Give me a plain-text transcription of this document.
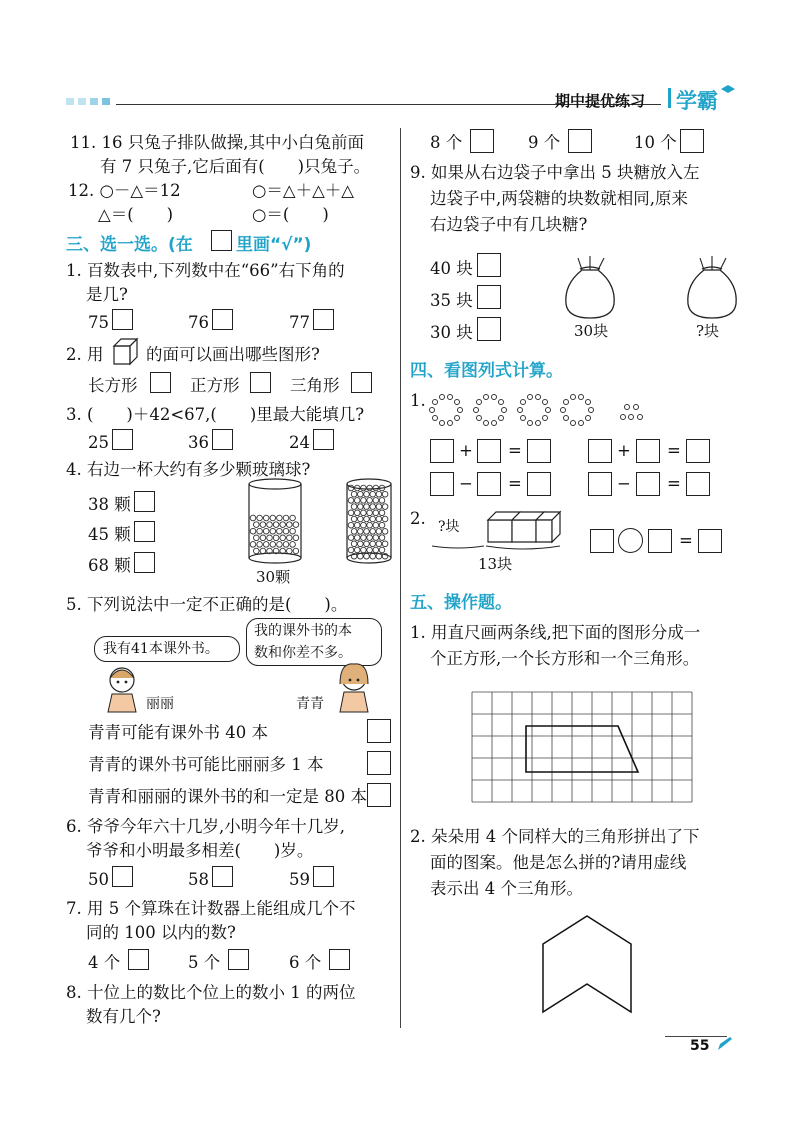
期中提优练习 学霸
11. 16 只兔子排队做操,其中小白兔前面
有 7 只兔子,它后面有(　　)只兔子。
12. ○－△＝12	○＝△＋△＋△
△＝(　　)	○＝(　　)
三、选一选。(在	里画“√”)
1. 百数表中,下列数中在“66”右下角的
是几?
75	76	77
2. 用	的面可以画出哪些图形?
长方形	正方形	三角形
3. (　　)＋42<67,(　　)里最大能填几?
25	36	24
4. 右边一杯大约有多少颗玻璃球?
38 颗
45 颗
68 颗
30颗
5. 下列说法中一定不正确的是(　　)。
我有41本课外书。
我的课外书的本
数和你差不多。
丽丽	青青
青青可能有课外书 40 本
青青的课外书可能比丽丽多 1 本
青青和丽丽的课外书的和一定是 80 本
6. 爷爷今年六十几岁,小明今年十几岁,
爷爷和小明最多相差(　　)岁。
50	58	59
7. 用 5 个算珠在计数器上能组成几个不
同的 100 以内的数?
4 个	5 个	6 个
8. 十位上的数比个位上的数小 1 的两位
数有几个?
8 个	9 个	10 个
9. 如果从右边袋子中拿出 5 块糖放入左
边袋子中,两袋糖的块数就相同,原来
右边袋子中有几块糖?
40 块
35 块
30 块	30块	?块
四、看图列式计算。
1.
+ =	+ =
− =	− =
2. ?块
13块
=
五、操作题。
1. 用直尺画两条线,把下面的图形分成一
个正方形,一个长方形和一个三角形。
2. 朵朵用 4 个同样大的三角形拼出了下
面的图案。他是怎么拼的?请用虚线
表示出 4 个三角形。
55
